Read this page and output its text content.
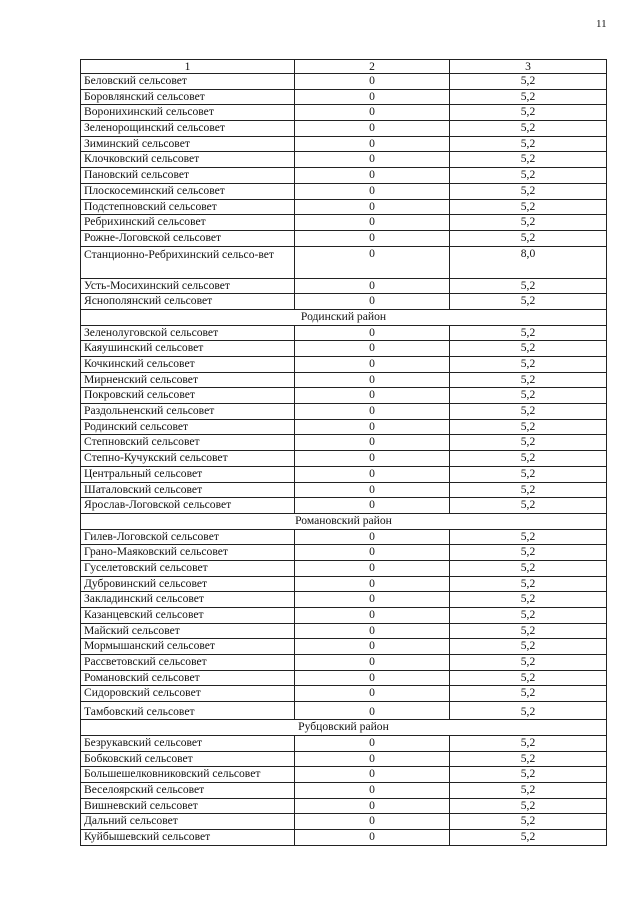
11
1	2	3
Беловский сельсовет	0	5,2
Боровлянский сельсовет	0	5,2
Воронихинский сельсовет	0	5,2
Зеленорощинский сельсовет	0	5,2
Зиминский сельсовет	0	5,2
Клочковский сельсовет	0	5,2
Пановский сельсовет	0	5,2
Плоскосеминский сельсовет	0	5,2
Подстепновский сельсовет	0	5,2
Ребрихинский сельсовет	0	5,2
Рожне-Логовской сельсовет	0	5,2
Станционно-Ребрихинский сельсо-вет	0	8,0
Усть-Мосихинский сельсовет	0	5,2
Яснополянский сельсовет	0	5,2
Родинский район		
Зеленолуговской сельсовет	0	5,2
Каяушинский сельсовет	0	5,2
Кочкинский сельсовет	0	5,2
Мирненский сельсовет	0	5,2
Покровский сельсовет	0	5,2
Раздольненский сельсовет	0	5,2
Родинский сельсовет	0	5,2
Степновский сельсовет	0	5,2
Степно-Кучукский сельсовет	0	5,2
Центральный сельсовет	0	5,2
Шаталовский сельсовет	0	5,2
Ярослав-Логовской сельсовет	0	5,2
Романовский район		
Гилев-Логовской сельсовет	0	5,2
Грано-Маяковский сельсовет	0	5,2
Гуселетовский сельсовет	0	5,2
Дубровинский сельсовет	0	5,2
Закладинский сельсовет	0	5,2
Казанцевский сельсовет	0	5,2
Майский сельсовет	0	5,2
Мормышанский сельсовет	0	5,2
Рассветовский сельсовет	0	5,2
Романовский сельсовет	0	5,2
Сидоровский сельсовет	0	5,2
Тамбовский сельсовет	0	5,2
Рубцовский район		
Безрукавский сельсовет	0	5,2
Бобковский сельсовет	0	5,2
Большешелковниковский сельсовет	0	5,2
Веселоярский сельсовет	0	5,2
Вишневский сельсовет	0	5,2
Дальний сельсовет	0	5,2
Куйбышевский сельсовет	0	5,2
